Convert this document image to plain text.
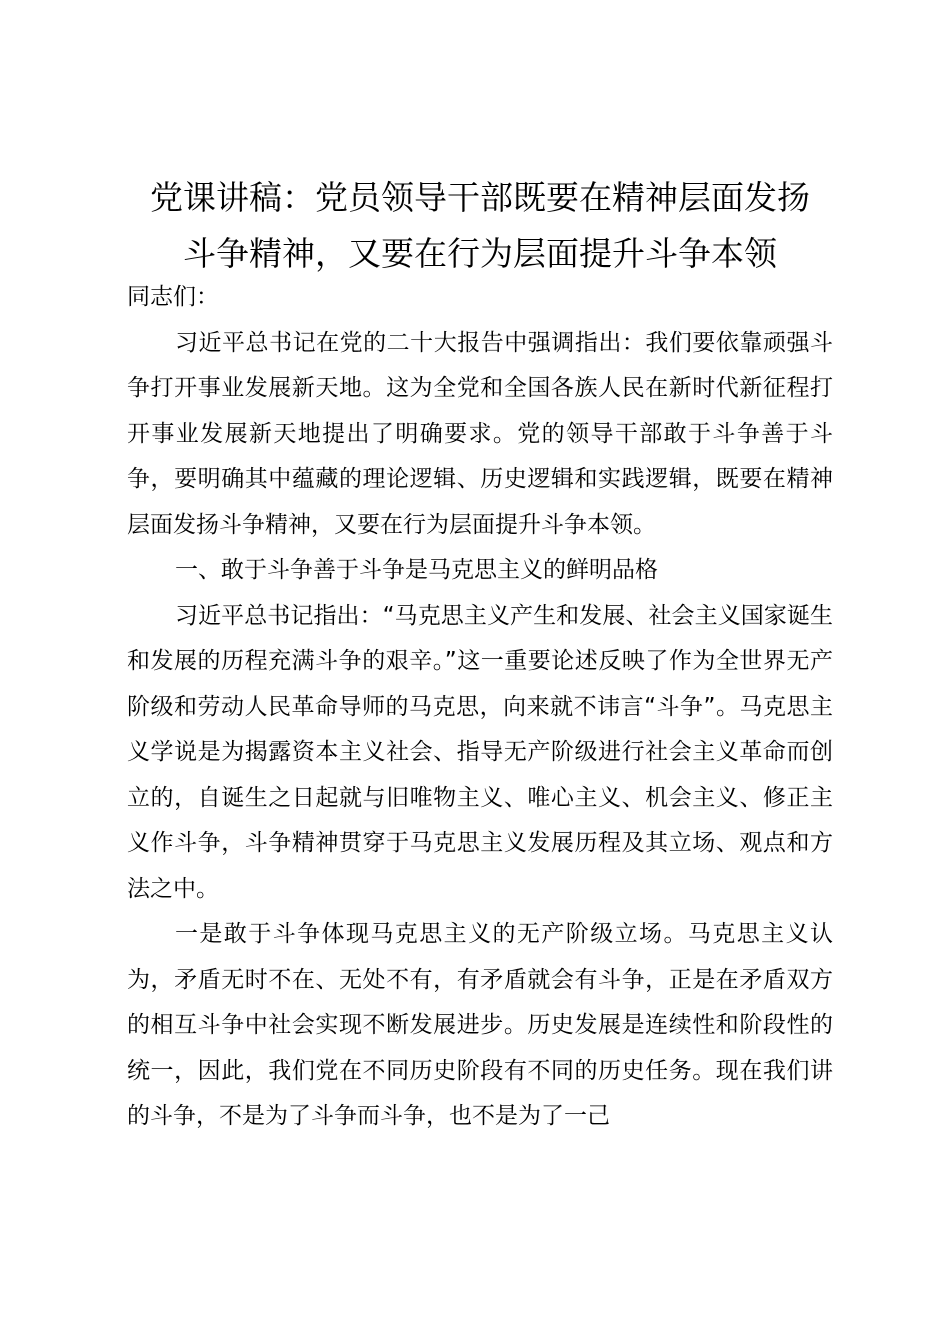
党课讲稿：党员领导干部既要在精神层面发扬
斗争精神，又要在行为层面提升斗争本领

同志们：

习近平总书记在党的二十大报告中强调指出：我们要依靠顽强斗争打开事业发展新天地。这为全党和全国各族人民在新时代新征程打开事业发展新天地提出了明确要求。党的领导干部敢于斗争善于斗争，要明确其中蕴藏的理论逻辑、历史逻辑和实践逻辑，既要在精神层面发扬斗争精神，又要在行为层面提升斗争本领。

一、敢于斗争善于斗争是马克思主义的鲜明品格

习近平总书记指出：“马克思主义产生和发展、社会主义国家诞生和发展的历程充满斗争的艰辛。”这一重要论述反映了作为全世界无产阶级和劳动人民革命导师的马克思，向来就不讳言“斗争”。马克思主义学说是为揭露资本主义社会、指导无产阶级进行社会主义革命而创立的，自诞生之日起就与旧唯物主义、唯心主义、机会主义、修正主义作斗争，斗争精神贯穿于马克思主义发展历程及其立场、观点和方法之中。

一是敢于斗争体现马克思主义的无产阶级立场。马克思主义认为，矛盾无时不在、无处不有，有矛盾就会有斗争，正是在矛盾双方的相互斗争中社会实现不断发展进步。历史发展是连续性和阶段性的统一，因此，我们党在不同历史阶段有不同的历史任务。现在我们讲的斗争，不是为了斗争而斗争，也不是为了一己
